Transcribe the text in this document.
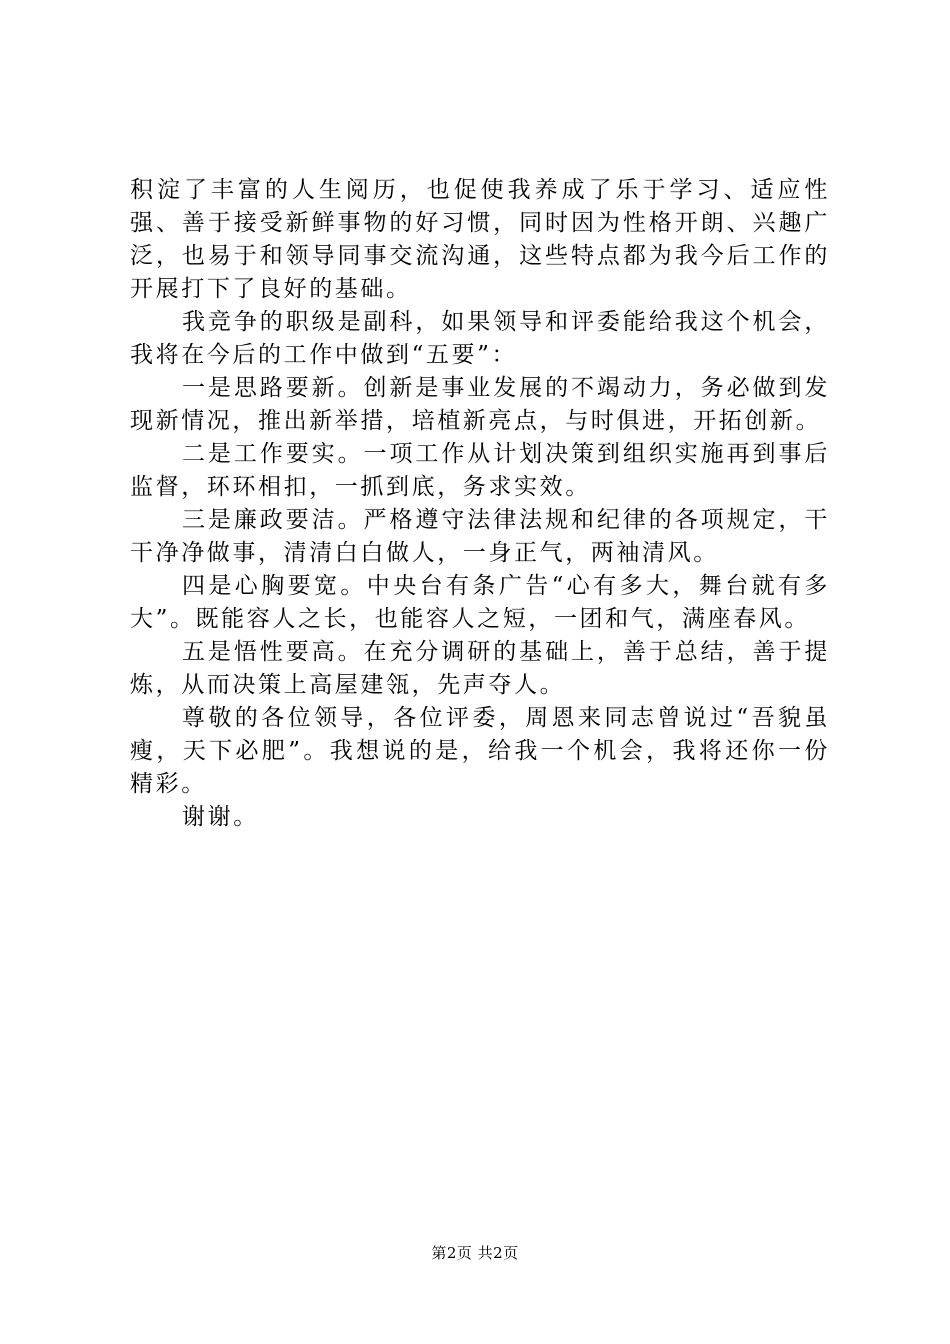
积淀了丰富的人生阅历，也促使我养成了乐于学习、适应性强、善于接受新鲜事物的好习惯，同时因为性格开朗、兴趣广泛，也易于和领导同事交流沟通，这些特点都为我今后工作的开展打下了良好的基础。

我竞争的职级是副科，如果领导和评委能给我这个机会，我将在今后的工作中做到“五要”：

一是思路要新。创新是事业发展的不竭动力，务必做到发现新情况，推出新举措，培植新亮点，与时俱进，开拓创新。

二是工作要实。一项工作从计划决策到组织实施再到事后监督，环环相扣，一抓到底，务求实效。

三是廉政要洁。严格遵守法律法规和纪律的各项规定，干干净净做事，清清白白做人，一身正气，两袖清风。

四是心胸要宽。中央台有条广告“心有多大，舞台就有多大”。既能容人之长，也能容人之短，一团和气，满座春风。

五是悟性要高。在充分调研的基础上，善于总结，善于提炼，从而决策上高屋建瓴，先声夺人。

尊敬的各位领导，各位评委，周恩来同志曾说过“吾貌虽瘦，天下必肥”。我想说的是，给我一个机会，我将还你一份精彩。

谢谢。

第2页 共2页
